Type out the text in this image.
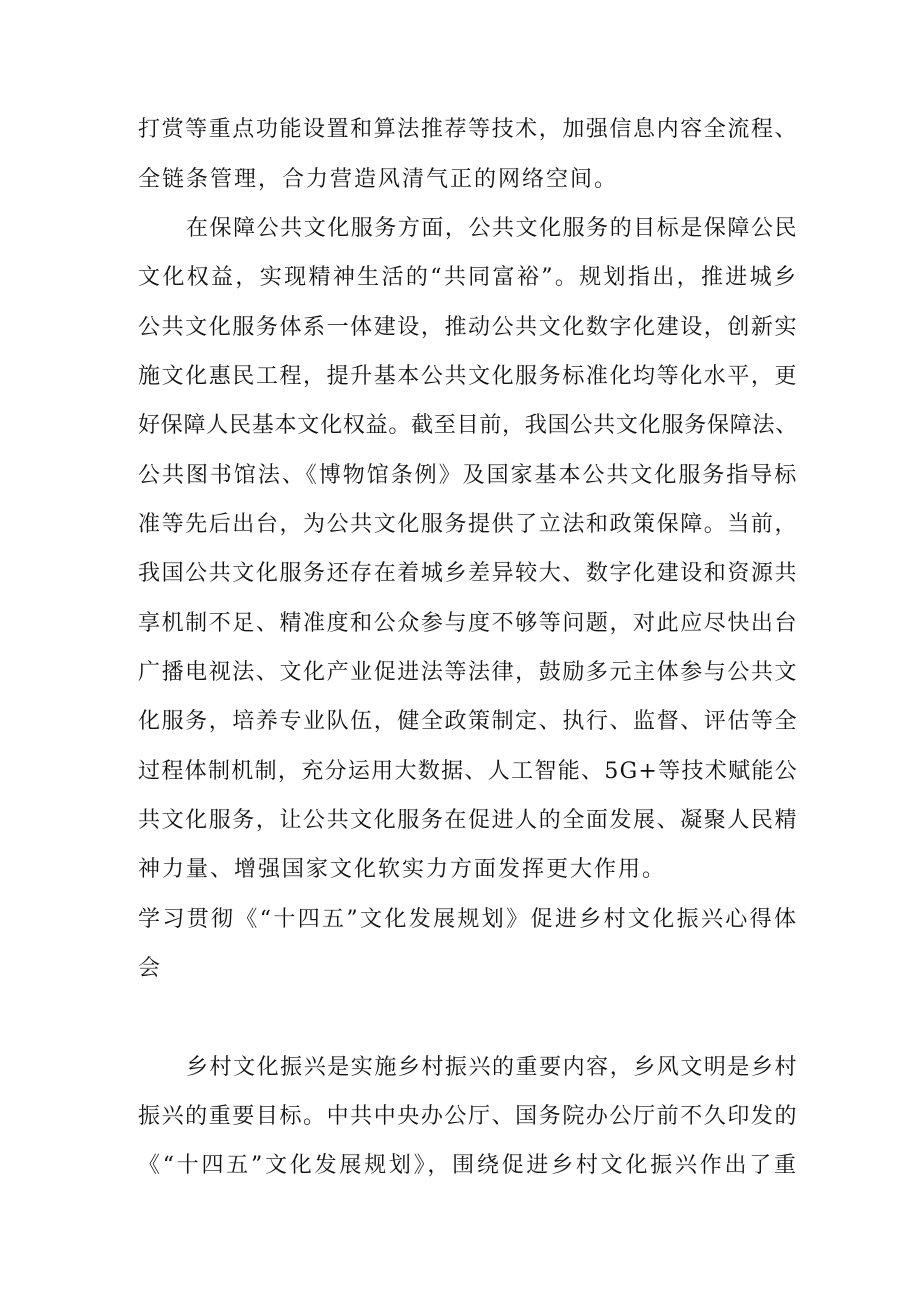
打赏等重点功能设置和算法推荐等技术，加强信息内容全流程、
全链条管理，合力营造风清气正的网络空间。
在保障公共文化服务方面，公共文化服务的目标是保障公民
文化权益，实现精神生活的“共同富裕”。规划指出，推进城乡
公共文化服务体系一体建设，推动公共文化数字化建设，创新实
施文化惠民工程，提升基本公共文化服务标准化均等化水平，更
好保障人民基本文化权益。截至目前，我国公共文化服务保障法、
公共图书馆法、《博物馆条例》及国家基本公共文化服务指导标
准等先后出台，为公共文化服务提供了立法和政策保障。当前，
我国公共文化服务还存在着城乡差异较大、数字化建设和资源共
享机制不足、精准度和公众参与度不够等问题，对此应尽快出台
广播电视法、文化产业促进法等法律，鼓励多元主体参与公共文
化服务，培养专业队伍，健全政策制定、执行、监督、评估等全
过程体制机制，充分运用大数据、人工智能、5G+等技术赋能公
共文化服务，让公共文化服务在促进人的全面发展、凝聚人民精
神力量、增强国家文化软实力方面发挥更大作用。
学习贯彻《“十四五”文化发展规划》促进乡村文化振兴心得体
会
乡村文化振兴是实施乡村振兴的重要内容，乡风文明是乡村
振兴的重要目标。中共中央办公厅、国务院办公厅前不久印发的
《“十四五”文化发展规划》，围绕促进乡村文化振兴作出了重
